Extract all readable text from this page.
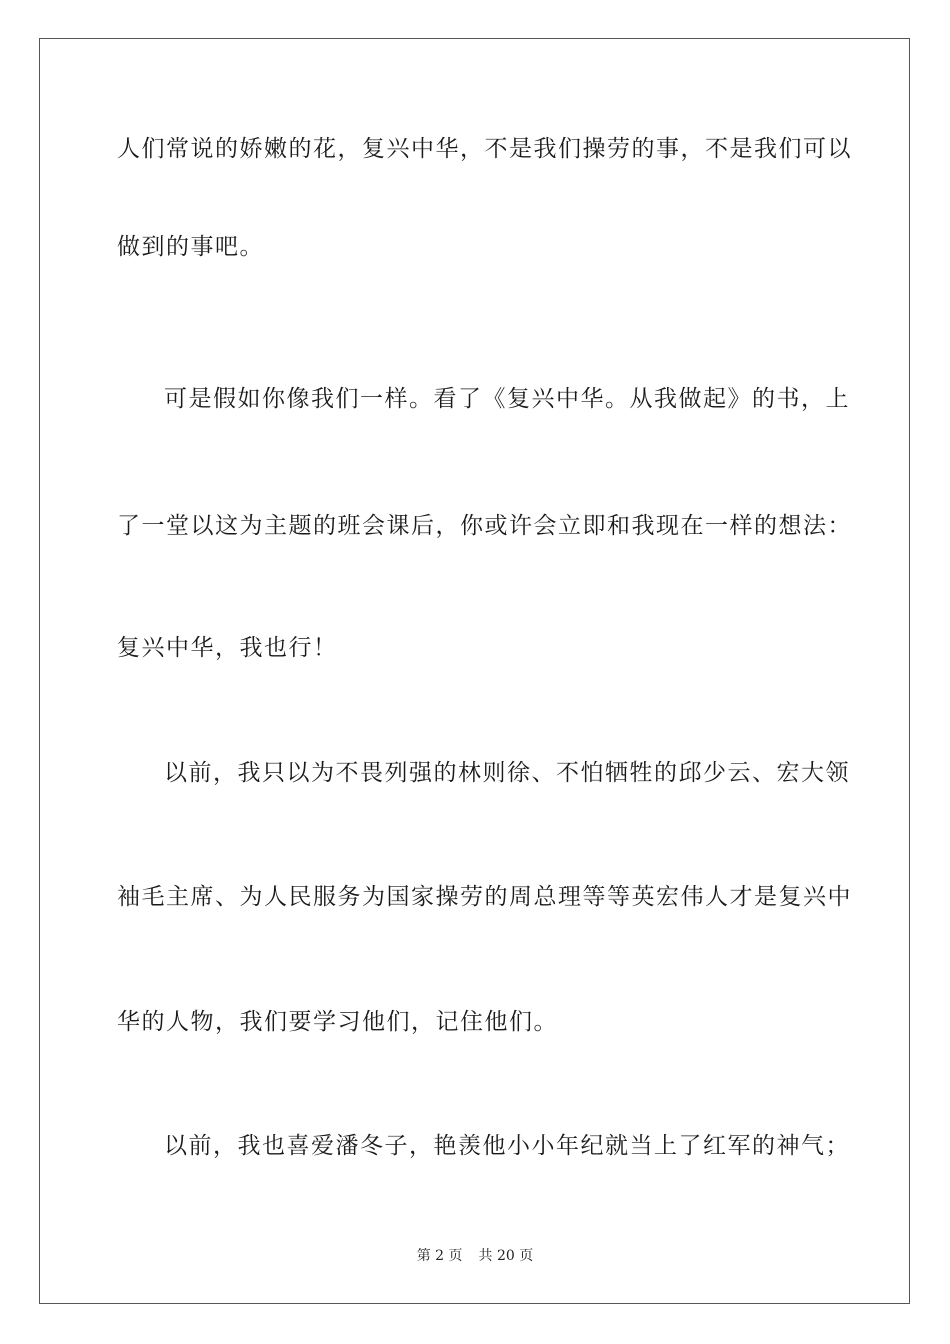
人们常说的娇嫩的花，复兴中华，不是我们操劳的事，不是我们可以
做到的事吧。
可是假如你像我们一样。看了《复兴中华。从我做起》的书，上
了一堂以这为主题的班会课后，你或许会立即和我现在一样的想法：
复兴中华，我也行！
以前，我只以为不畏列强的林则徐、不怕牺牲的邱少云、宏大领
袖毛主席、为人民服务为国家操劳的周总理等等英宏伟人才是复兴中
华的人物，我们要学习他们，记住他们。
以前，我也喜爱潘冬子，艳羡他小小年纪就当上了红军的神气；
第 2 页 共 20 页
